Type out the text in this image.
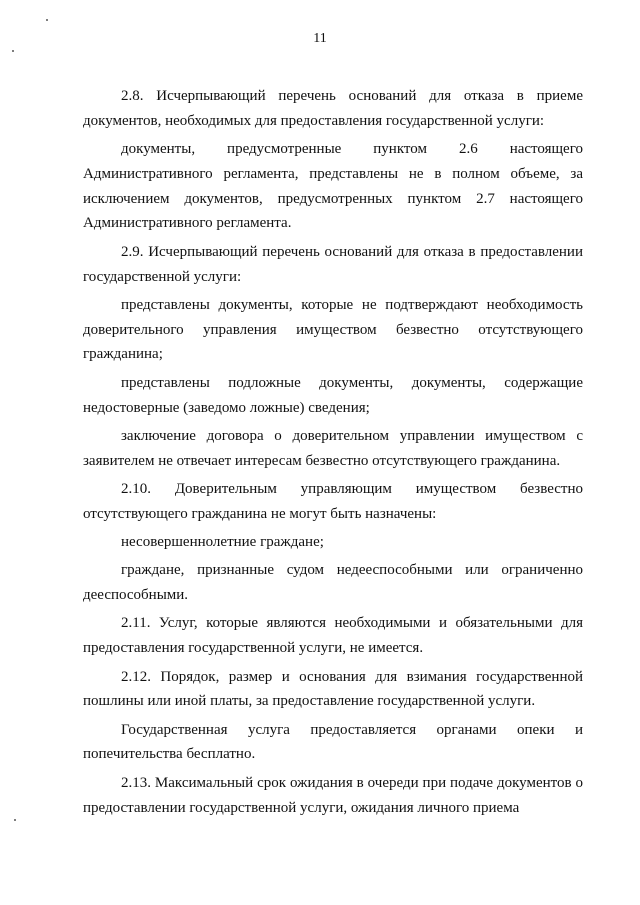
11

2.8. Исчерпывающий перечень оснований для отказа в приеме документов, необходимых для предоставления государственной услуги:

документы, предусмотренные пунктом 2.6 настоящего Административного регламента, представлены не в полном объеме, за исключением документов, предусмотренных пунктом 2.7 настоящего Административного регламента.

2.9. Исчерпывающий перечень оснований для отказа в предоставлении государственной услуги:

представлены документы, которые не подтверждают необходимость доверительного управления имуществом безвестно отсутствующего гражданина;

представлены подложные документы, документы, содержащие недостоверные (заведомо ложные) сведения;

заключение договора о доверительном управлении имуществом с заявителем не отвечает интересам безвестно отсутствующего гражданина.

2.10. Доверительным управляющим имуществом безвестно отсутствующего гражданина не могут быть назначены:

несовершеннолетние граждане;

граждане, признанные судом недееспособными или ограниченно дееспособными.

2.11. Услуг, которые являются необходимыми и обязательными для предоставления государственной услуги, не имеется.

2.12. Порядок, размер и основания для взимания государственной пошлины или иной платы, за предоставление государственной услуги.

Государственная услуга предоставляется органами опеки и попечительства бесплатно.

2.13. Максимальный срок ожидания в очереди при подаче документов о предоставлении государственной услуги, ожидания личного приема
